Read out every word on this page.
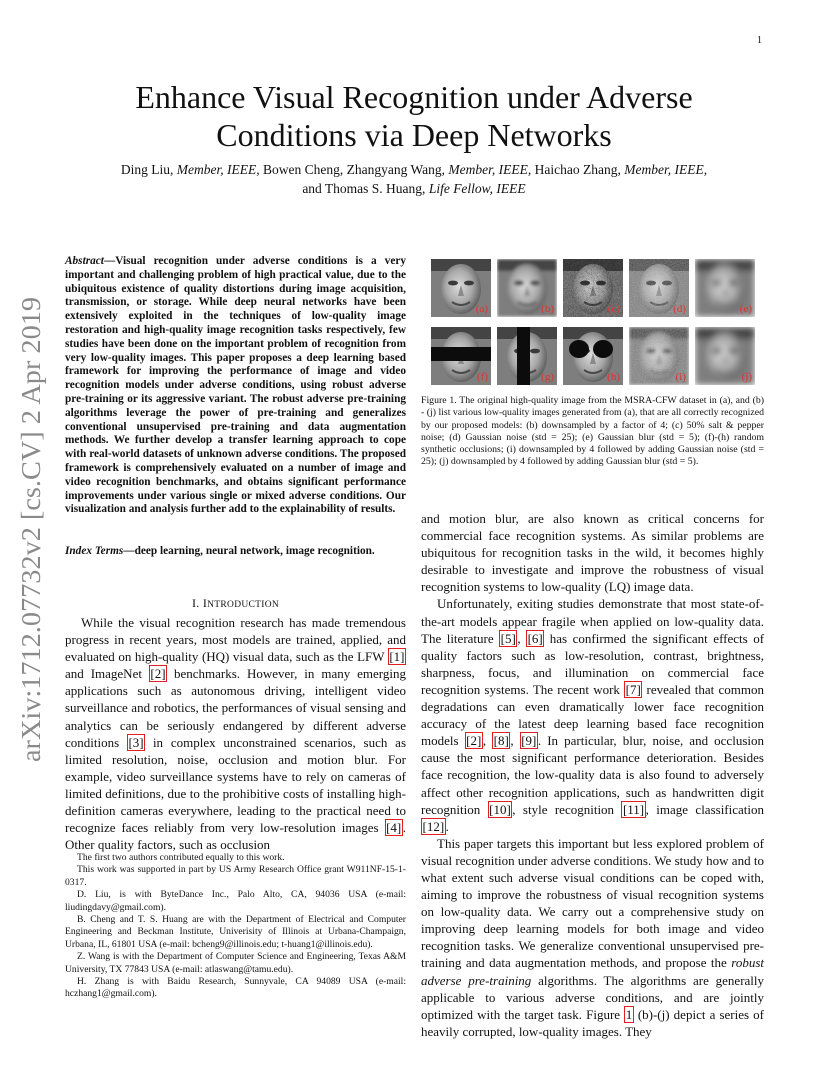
1
arXiv:1712.07732v2 [cs.CV] 2 Apr 2019
Enhance Visual Recognition under Adverse
Conditions via Deep Networks
Ding Liu, Member, IEEE, Bowen Cheng, Zhangyang Wang, Member, IEEE, Haichao Zhang, Member, IEEE,
and Thomas S. Huang, Life Fellow, IEEE
Abstract—Visual recognition under adverse conditions is a very important and challenging problem of high practical value, due to the ubiquitous existence of quality distortions during image acquisition, transmission, or storage. While deep neural networks have been extensively exploited in the techniques of low-quality image restoration and high-quality image recognition tasks respectively, few studies have been done on the important problem of recognition from very low-quality images. This paper proposes a deep learning based framework for improving the performance of image and video recognition models under adverse conditions, using robust adverse pre-training or its aggressive variant. The robust adverse pre-training algorithms leverage the power of pre-training and generalizes conventional unsupervised pre-training and data augmentation methods. We further develop a transfer learning approach to cope with real-world datasets of unknown adverse conditions. The proposed framework is comprehensively evaluated on a number of image and video recognition benchmarks, and obtains significant performance improvements under various single or mixed adverse conditions. Our visualization and analysis further add to the explainability of results.
Index Terms—deep learning, neural network, image recognition.
I. INTRODUCTION

While the visual recognition research has made tremendous progress in recent years, most models are trained, applied, and evaluated on high-quality (HQ) visual data, such as the LFW [1] and ImageNet [2] benchmarks. However, in many emerging applications such as autonomous driving, intelligent video surveillance and robotics, the performances of visual sensing and analytics can be seriously endangered by different adverse conditions [3] in complex unconstrained scenarios, such as limited resolution, noise, occlusion and motion blur. For example, video surveillance systems have to rely on cameras of limited definitions, due to the prohibitive costs of installing high-definition cameras everywhere, leading to the practical need to recognize faces reliably from very low-resolution images [4] . Other quality factors, such as occlusion

The first two authors contributed equally to this work.

This work was supported in part by US Army Research Office grant W911NF-15-1-0317.

D. Liu, is with ByteDance Inc., Palo Alto, CA, 94036 USA (e-mail: liudingdavy@gmail.com).

B. Cheng and T. S. Huang are with the Department of Electrical and Computer Engineering and Beckman Institute, Univerisity of Illinois at Urbana-Champaign, Urbana, IL, 61801 USA (e-mail: bcheng9@illinois.edu; t-huang1@illinois.edu).

Z. Wang is with the Department of Computer Science and Engineering, Texas A&M University, TX 77843 USA (e-mail: atlaswang@tamu.edu).

H. Zhang is with Baidu Research, Sunnyvale, CA 94089 USA (e-mail: hczhang1@gmail.com).

(a)	(b)	(c)	(d)	(e)
(f)	(g)	(h)	(i)	(j)
Figure 1. The original high-quality image from the MSRA-CFW dataset in (a), and (b) - (j) list various low-quality images generated from (a), that are all correctly recognized by our proposed models: (b) downsampled by a factor of 4; (c) 50% salt & pepper noise; (d) Gaussian noise (std = 25); (e) Gaussian blur (std = 5); (f)-(h) random synthetic occlusions; (i) downsampled by 4 followed by adding Gaussian noise (std = 25); (j) downsampled by 4 followed by adding Gaussian blur (std = 5).

and motion blur, are also known as critical concerns for commercial face recognition systems. As similar problems are ubiquitous for recognition tasks in the wild, it becomes highly desirable to investigate and improve the robustness of visual recognition systems to low-quality (LQ) image data.

Unfortunately, exiting studies demonstrate that most state-of-the-art models appear fragile when applied on low-quality data. The literature [5] , [6] has confirmed the significant effects of quality factors such as low-resolution, contrast, brightness, sharpness, focus, and illumination on commercial face recognition systems. The recent work [7] revealed that common degradations can even dramatically lower face recognition accuracy of the latest deep learning based face recognition models [2] , [8] , [9] . In particular, blur, noise, and occlusion cause the most significant performance deterioration. Besides face recognition, the low-quality data is also found to adversely affect other recognition applications, such as handwritten digit recognition [10] , style recognition [11] , image classification [12] .

This paper targets this important but less explored problem of visual recognition under adverse conditions. We study how and to what extent such adverse visual conditions can be coped with, aiming to improve the robustness of visual recognition systems on low-quality data. We carry out a comprehensive study on improving deep learning models for both image and video recognition tasks. We generalize conventional unsupervised pre-training and data augmentation methods, and propose the robust adverse pre-training algorithms. The algorithms are generally applicable to various adverse conditions, and are jointly optimized with the target task. Figure 1 (b)-(j) depict a series of heavily corrupted, low-quality images. They
